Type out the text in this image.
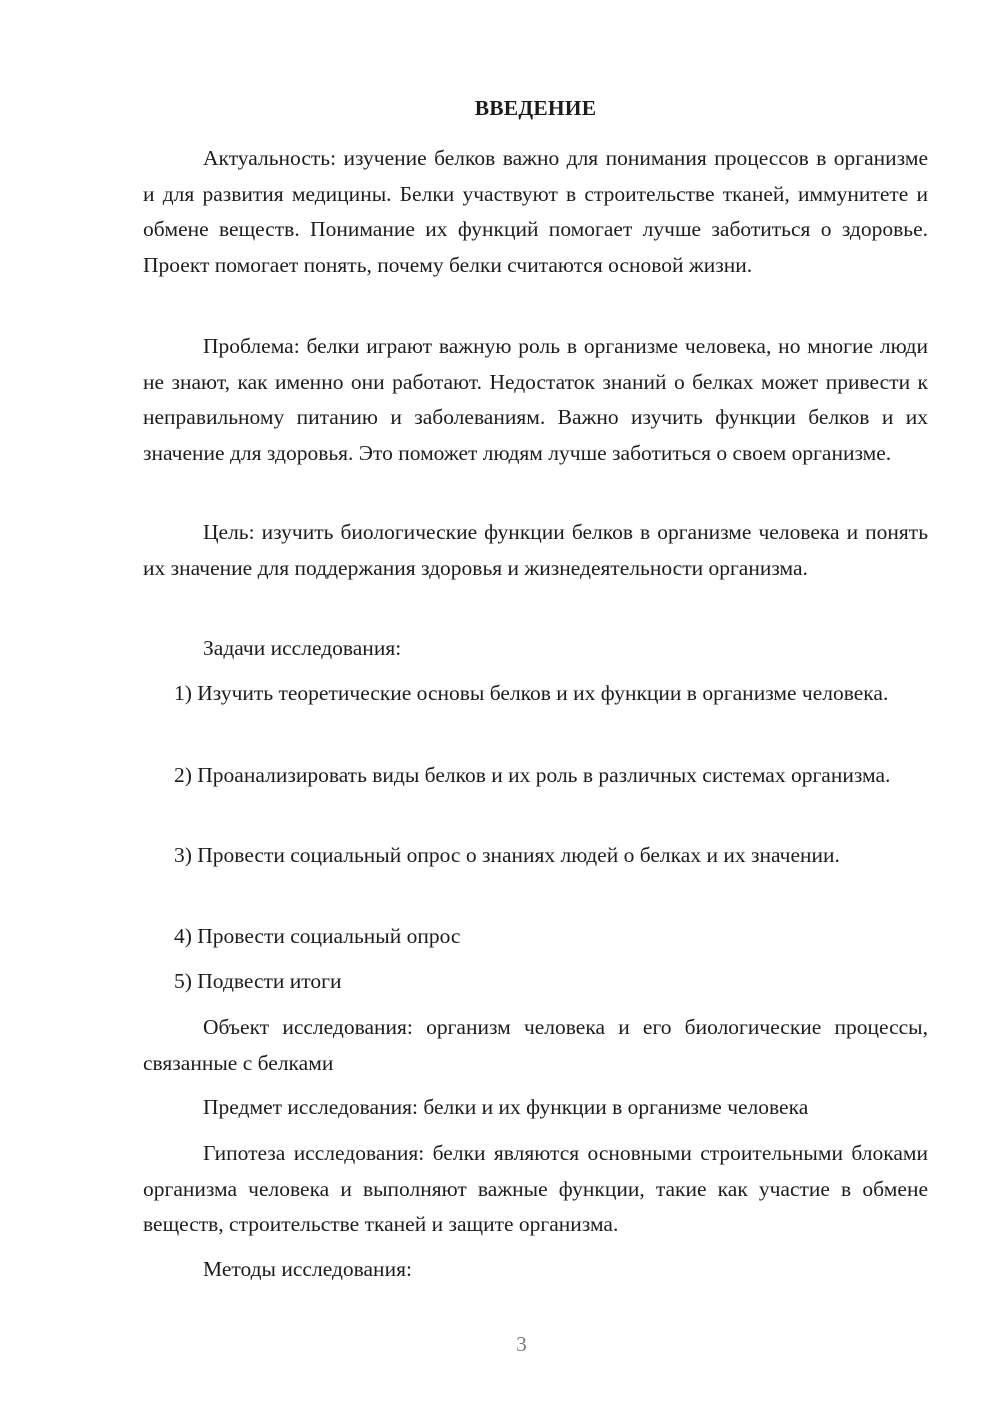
ВВЕДЕНИЕ

Актуальность: изучение белков важно для понимания процессов в организме и для развития медицины. Белки участвуют в строительстве тканей, иммунитете и обмене веществ. Понимание их функций помогает лучше заботиться о здоровье. Проект помогает понять, почему белки считаются основой жизни.

Проблема: белки играют важную роль в организме человека, но многие люди не знают, как именно они работают. Недостаток знаний о белках может привести к неправильному питанию и заболеваниям. Важно изучить функции белков и их значение для здоровья. Это поможет людям лучше заботиться о своем организме.

Цель: изучить биологические функции белков в организме человека и понять их значение для поддержания здоровья и жизнедеятельности организма.

Задачи исследования:

1) Изучить теоретические основы белков и их функции в организме человека.

2) Проанализировать виды белков и их роль в различных системах организма.

3) Провести социальный опрос о знаниях людей о белках и их значении.

4) Провести социальный опрос

5) Подвести итоги

Объект исследования: организм человека и его биологические процессы, связанные с белками

Предмет исследования: белки и их функции в организме человека

Гипотеза исследования: белки являются основными строительными блоками организма человека и выполняют важные функции, такие как участие в обмене веществ, строительстве тканей и защите организма.

Методы исследования:

3
